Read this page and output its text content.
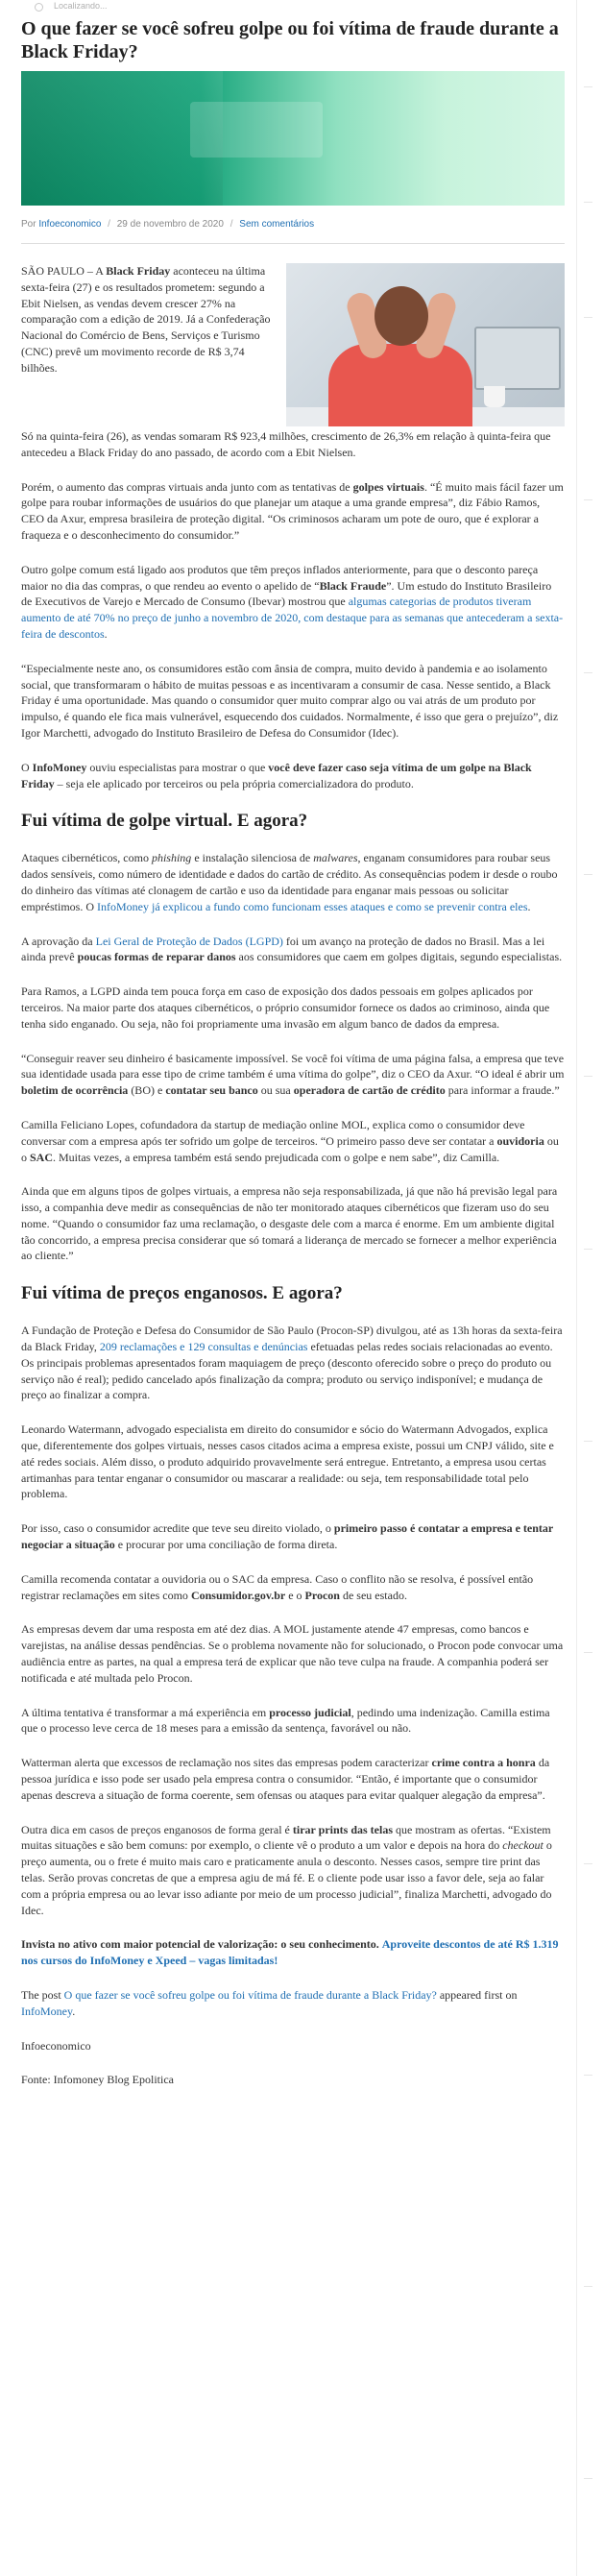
Localizando...
O que fazer se você sofreu golpe ou foi vítima de fraude durante a Black Friday?
Por Infoeconomico / 29 de novembro de 2020 / Sem comentários

SÃO PAULO – A Black Friday aconteceu na última sexta-feira (27) e os resultados prometem: segundo a Ebit Nielsen, as vendas devem crescer 27% na comparação com a edição de 2019. Já a Confederação Nacional do Comércio de Bens, Serviços e Turismo (CNC) prevê um movimento recorde de R$ 3,74 bilhões.

Só na quinta-feira (26), as vendas somaram R$ 923,4 milhões, crescimento de 26,3% em relação à quinta-feira que antecedeu a Black Friday do ano passado, de acordo com a Ebit Nielsen.

Porém, o aumento das compras virtuais anda junto com as tentativas de golpes virtuais. “É muito mais fácil fazer um golpe para roubar informações de usuários do que planejar um ataque a uma grande empresa”, diz Fábio Ramos, CEO da Axur, empresa brasileira de proteção digital. “Os criminosos acharam um pote de ouro, que é explorar a fraqueza e o desconhecimento do consumidor.”

Outro golpe comum está ligado aos produtos que têm preços inflados anteriormente, para que o desconto pareça maior no dia das compras, o que rendeu ao evento o apelido de “Black Fraude”. Um estudo do Instituto Brasileiro de Executivos de Varejo e Mercado de Consumo (Ibevar) mostrou que algumas categorias de produtos tiveram aumento de até 70% no preço de junho a novembro de 2020, com destaque para as semanas que antecederam a sexta-feira de descontos.

“Especialmente neste ano, os consumidores estão com ânsia de compra, muito devido à pandemia e ao isolamento social, que transformaram o hábito de muitas pessoas e as incentivaram a consumir de casa. Nesse sentido, a Black Friday é uma oportunidade. Mas quando o consumidor quer muito comprar algo ou vai atrás de um produto por impulso, é quando ele fica mais vulnerável, esquecendo dos cuidados. Normalmente, é isso que gera o prejuízo”, diz Igor Marchetti, advogado do Instituto Brasileiro de Defesa do Consumidor (Idec).

O InfoMoney ouviu especialistas para mostrar o que você deve fazer caso seja vítima de um golpe na Black Friday – seja ele aplicado por terceiros ou pela própria comercializadora do produto.

Fui vítima de golpe virtual. E agora?

Ataques cibernéticos, como phishing e instalação silenciosa de malwares, enganam consumidores para roubar seus dados sensíveis, como número de identidade e dados do cartão de crédito. As consequências podem ir desde o roubo do dinheiro das vítimas até clonagem de cartão e uso da identidade para enganar mais pessoas ou solicitar empréstimos. O InfoMoney já explicou a fundo como funcionam esses ataques e como se prevenir contra eles.

A aprovação da Lei Geral de Proteção de Dados (LGPD) foi um avanço na proteção de dados no Brasil. Mas a lei ainda prevê poucas formas de reparar danos aos consumidores que caem em golpes digitais, segundo especialistas.

Para Ramos, a LGPD ainda tem pouca força em caso de exposição dos dados pessoais em golpes aplicados por terceiros. Na maior parte dos ataques cibernéticos, o próprio consumidor fornece os dados ao criminoso, ainda que tenha sido enganado. Ou seja, não foi propriamente uma invasão em algum banco de dados da empresa.

“Conseguir reaver seu dinheiro é basicamente impossível. Se você foi vítima de uma página falsa, a empresa que teve sua identidade usada para esse tipo de crime também é uma vítima do golpe”, diz o CEO da Axur. “O ideal é abrir um boletim de ocorrência (BO) e contatar seu banco ou sua operadora de cartão de crédito para informar a fraude.”

Camilla Feliciano Lopes, cofundadora da startup de mediação online MOL, explica como o consumidor deve conversar com a empresa após ter sofrido um golpe de terceiros. “O primeiro passo deve ser contatar a ouvidoria ou o SAC. Muitas vezes, a empresa também está sendo prejudicada com o golpe e nem sabe”, diz Camilla.

Ainda que em alguns tipos de golpes virtuais, a empresa não seja responsabilizada, já que não há previsão legal para isso, a companhia deve medir as consequências de não ter monitorado ataques cibernéticos que fizeram uso do seu nome. “Quando o consumidor faz uma reclamação, o desgaste dele com a marca é enorme. Em um ambiente digital tão concorrido, a empresa precisa considerar que só tomará a liderança de mercado se fornecer a melhor experiência ao cliente.”

Fui vítima de preços enganosos. E agora?

A Fundação de Proteção e Defesa do Consumidor de São Paulo (Procon-SP) divulgou, até as 13h horas da sexta-feira da Black Friday, 209 reclamações e 129 consultas e denúncias efetuadas pelas redes sociais relacionadas ao evento. Os principais problemas apresentados foram maquiagem de preço (desconto oferecido sobre o preço do produto ou serviço não é real); pedido cancelado após finalização da compra; produto ou serviço indisponível; e mudança de preço ao finalizar a compra.

Leonardo Watermann, advogado especialista em direito do consumidor e sócio do Watermann Advogados, explica que, diferentemente dos golpes virtuais, nesses casos citados acima a empresa existe, possui um CNPJ válido, site e até redes sociais. Além disso, o produto adquirido provavelmente será entregue. Entretanto, a empresa usou certas artimanhas para tentar enganar o consumidor ou mascarar a realidade: ou seja, tem responsabilidade total pelo problema.

Por isso, caso o consumidor acredite que teve seu direito violado, o primeiro passo é contatar a empresa e tentar negociar a situação e procurar por uma conciliação de forma direta.

Camilla recomenda contatar a ouvidoria ou o SAC da empresa. Caso o conflito não se resolva, é possível então registrar reclamações em sites como Consumidor.gov.br e o Procon de seu estado.

As empresas devem dar uma resposta em até dez dias. A MOL justamente atende 47 empresas, como bancos e varejistas, na análise dessas pendências. Se o problema novamente não for solucionado, o Procon pode convocar uma audiência entre as partes, na qual a empresa terá de explicar que não teve culpa na fraude. A companhia poderá ser notificada e até multada pelo Procon.

A última tentativa é transformar a má experiência em processo judicial, pedindo uma indenização. Camilla estima que o processo leve cerca de 18 meses para a emissão da sentença, favorável ou não.

Watterman alerta que excessos de reclamação nos sites das empresas podem caracterizar crime contra a honra da pessoa jurídica e isso pode ser usado pela empresa contra o consumidor. “Então, é importante que o consumidor apenas descreva a situação de forma coerente, sem ofensas ou ataques para evitar qualquer alegação da empresa”.

Outra dica em casos de preços enganosos de forma geral é tirar prints das telas que mostram as ofertas. “Existem muitas situações e são bem comuns: por exemplo, o cliente vê o produto a um valor e depois na hora do checkout o preço aumenta, ou o frete é muito mais caro e praticamente anula o desconto. Nesses casos, sempre tire print das telas. Serão provas concretas de que a empresa agiu de má fé. E o cliente pode usar isso a favor dele, seja ao falar com a própria empresa ou ao levar isso adiante por meio de um processo judicial”, finaliza Marchetti, advogado do Idec.

Invista no ativo com maior potencial de valorização: o seu conhecimento. Aproveite descontos de até R$ 1.319 nos cursos do InfoMoney e Xpeed – vagas limitadas!

The post O que fazer se você sofreu golpe ou foi vítima de fraude durante a Black Friday? appeared first on InfoMoney.

Infoeconomico

Fonte: Infomoney Blog Epolitica
